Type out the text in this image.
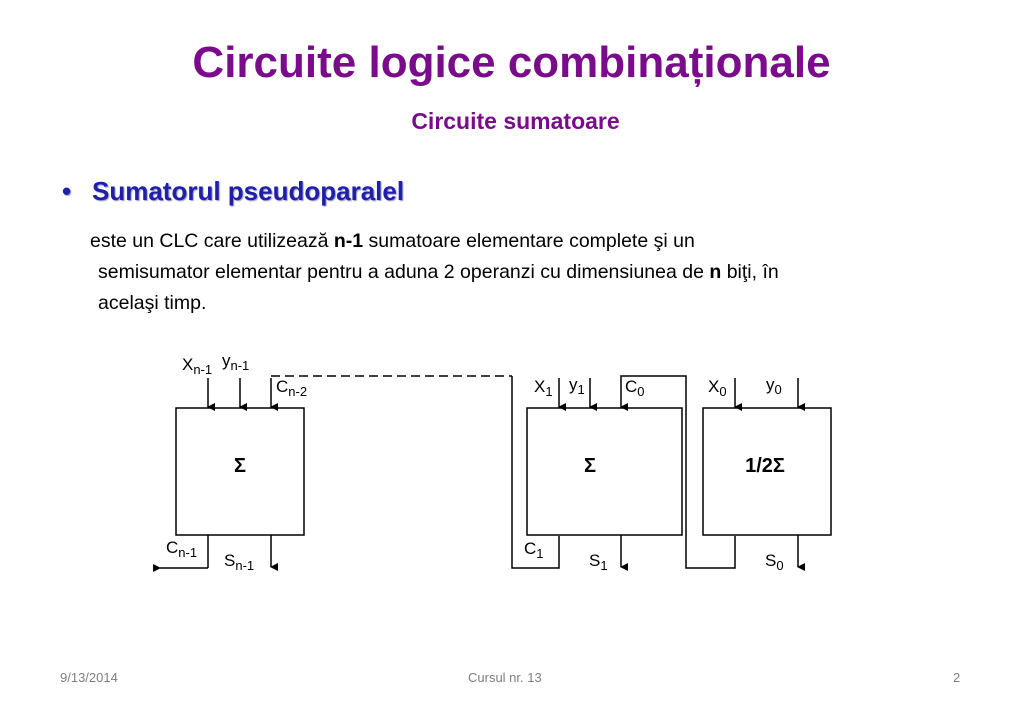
Circuite logice combinaționale
Circuite sumatoare
• Sumatorul pseudoparalel
este un CLC care utilizează n-1 sumatoare elementare complete şi un
semisumator elementar pentru a aduna 2 operanzi cu dimensiunea de n biţi, în
acelaşi timp.
Σ	Σ	1/2Σ
$X_{n-1}$ $y_{n-1}$
$C_{n-2}$
$C_{n-1}$ $S_{n-1}$
$X_1$ $y_1$ $C_0$
$C_1$	$S_1$
$X_0$ $y_0$
$S_0$
9/13/2014	Cursul nr. 13	2
